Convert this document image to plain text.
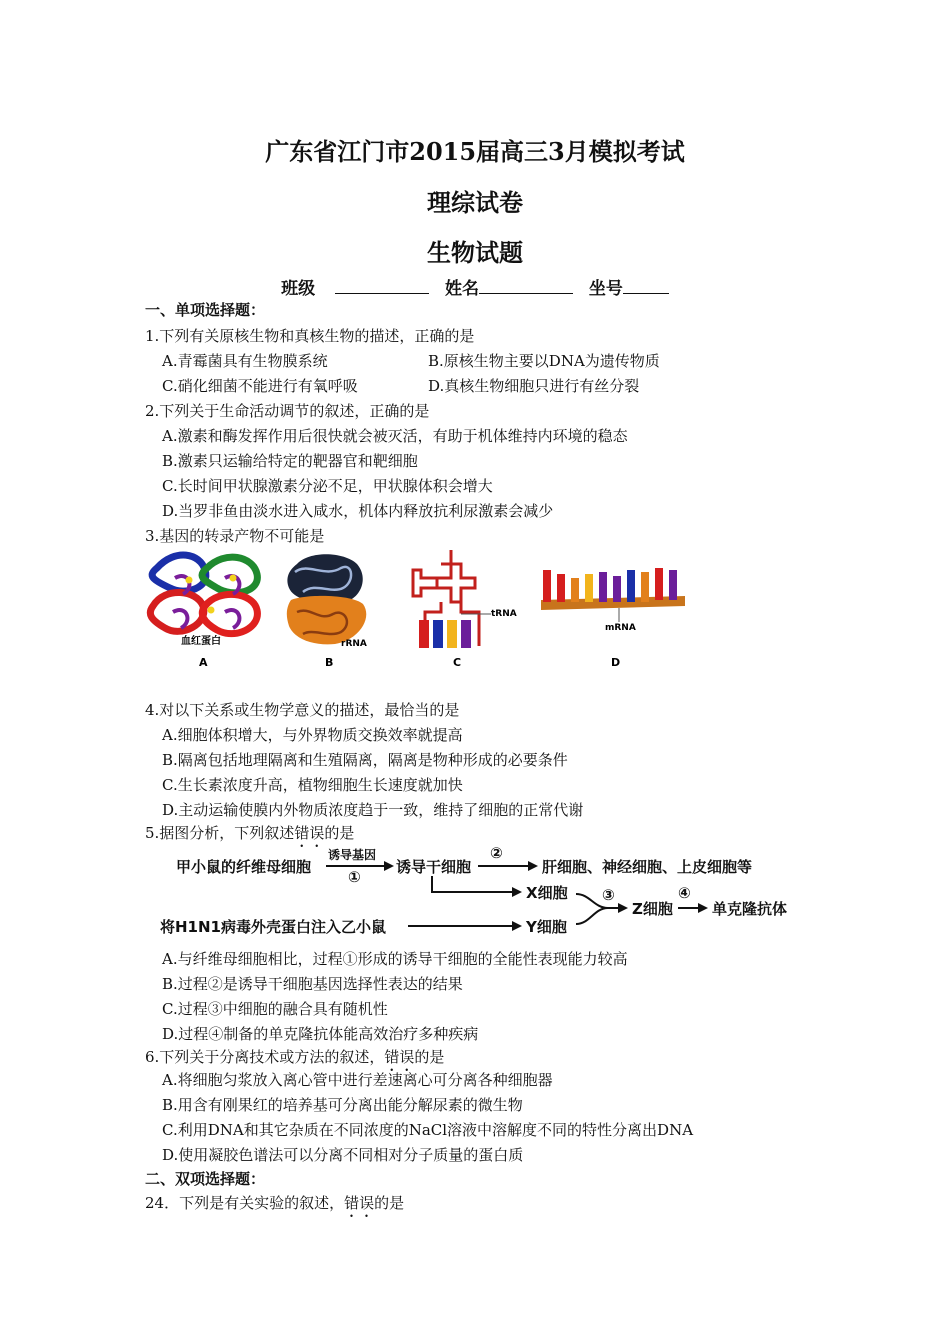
广东省江门市2015届高三3月模拟考试
理综试卷
生物试题
班级	姓名	坐号
一、单项选择题：
1.下列有关原核生物和真核生物的描述，正确的是
A.青霉菌具有生物膜系统	B.原核生物主要以DNA为遗传物质
C.硝化细菌不能进行有氧呼吸	D.真核生物细胞只进行有丝分裂
2.下列关于生命活动调节的叙述，正确的是
A.激素和酶发挥作用后很快就会被灭活，有助于机体维持内环境的稳态
B.激素只运输给特定的靶器官和靶细胞
C.长时间甲状腺激素分泌不足，甲状腺体积会增大
D.当罗非鱼由淡水进入咸水，机体内释放抗利尿激素会减少
3.基因的转录产物不可能是
血红蛋白
A
rRNA
B
tRNA
C
mRNA
D
4.对以下关系或生物学意义的描述，最恰当的是
A.细胞体积增大，与外界物质交换效率就提高
B.隔离包括地理隔离和生殖隔离，隔离是物种形成的必要条件
C.生长素浓度升高，植物细胞生长速度就加快
D.主动运输使膜内外物质浓度趋于一致，维持了细胞的正常代谢
5.据图分析，下列叙述错误的是
甲小鼠的纤维母细胞
诱导基因
①
诱导干细胞
②
肝细胞、神经细胞、上皮细胞等
X细胞 ③
Z细胞
④
单克隆抗体
将H1N1病毒外壳蛋白注入乙小鼠	Y细胞
A.与纤维母细胞相比，过程①形成的诱导干细胞的全能性表现能力较高
B.过程②是诱导干细胞基因选择性表达的结果
C.过程③中细胞的融合具有随机性
D.过程④制备的单克隆抗体能高效治疗多种疾病
6.下列关于分离技术或方法的叙述，错误的是
A.将细胞匀浆放入离心管中进行差速离心可分离各种细胞器
B.用含有刚果红的培养基可分离出能分解尿素的微生物
C.利用DNA和其它杂质在不同浓度的NaCl溶液中溶解度不同的特性分离出DNA
D.使用凝胶色谱法可以分离不同相对分子质量的蛋白质
二、双项选择题：
24．下列是有关实验的叙述，错误的是
